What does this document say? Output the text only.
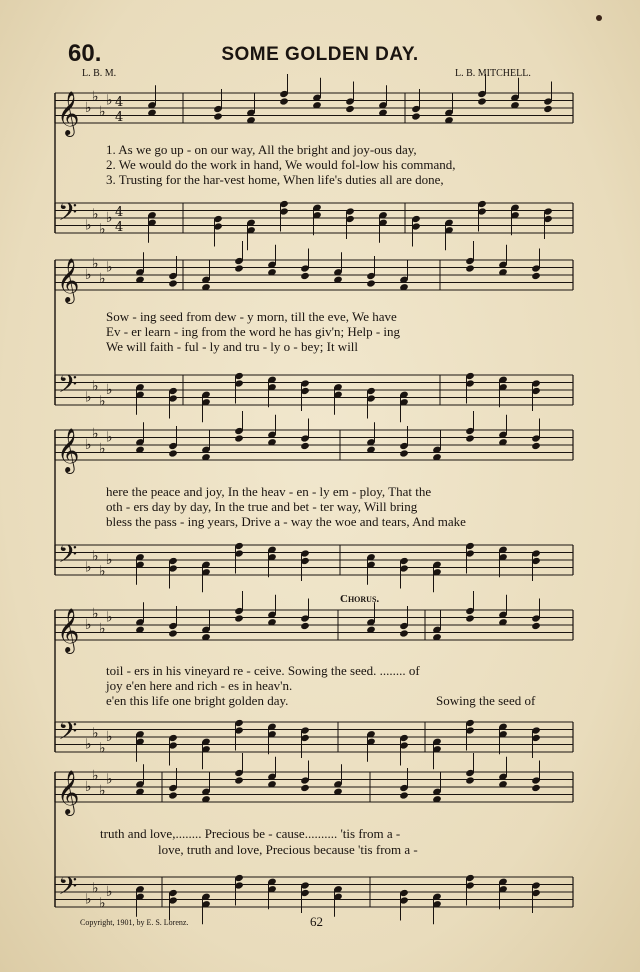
60.	SOME GOLDEN DAY.
L. B. M.	L. B. MITCHELL.
𝄞 ♭
♭
♭
♭
𝄢 ♭
♭
♭
♭
4
4
4
4
𝄞 ♭
♭
♭
♭
𝄢 ♭
♭
♭
♭
𝄞 ♭
♭
♭
♭
𝄢 ♭
♭
♭
♭
𝄞 ♭
♭
♭
♭
𝄢 ♭
♭
♭
♭
𝄞 ♭
♭
♭
♭
𝄢 ♭
♭
♭
♭
1. As we go up - on our way, All the bright and joy-ous day,
2. We would do the work in hand, We would fol-low his command,
3. Trusting for the har-vest home, When life's duties all are done,
Sow - ing seed from dew - y morn, till the eve, We have
Ev - er learn - ing from the word he has giv'n; Help - ing
We will faith - ful - ly and tru - ly o - bey; It will
here the peace and joy, In the heav - en - ly em - ploy, That the
oth - ers day by day, In the true and bet - ter way, Will bring
bless the pass - ing years, Drive a - way the woe and tears, And make
Chorus.
toil - ers in his vineyard re - ceive. Sowing the seed. ........ of
joy e'en here and rich - es in heav'n.
e'en this life one bright golden day.	Sowing the seed of
truth and love,........ Precious be - cause.......... 'tis from a -
love, truth and love, Precious because 'tis from a -
Copyright, 1901, by E. S. Lorenz.	62
